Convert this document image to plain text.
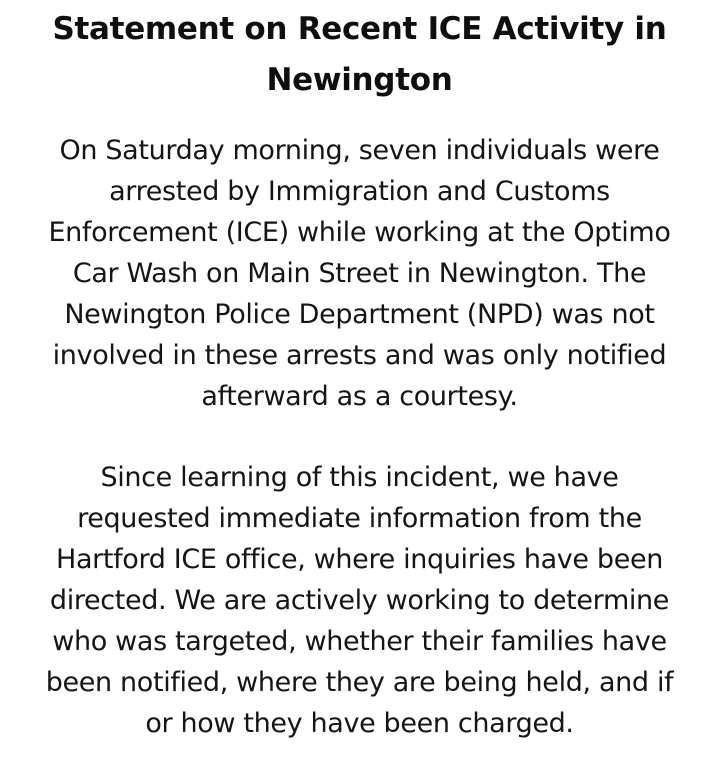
Statement on Recent ICE Activity in
Newington

On Saturday morning, seven individuals were
arrested by Immigration and Customs
Enforcement (ICE) while working at the Optimo
Car Wash on Main Street in Newington. The
Newington Police Department (NPD) was not
involved in these arrests and was only notified
afterward as a courtesy.

Since learning of this incident, we have
requested immediate information from the
Hartford ICE office, where inquiries have been
directed. We are actively working to determine
who was targeted, whether their families have
been notified, where they are being held, and if
or how they have been charged.
